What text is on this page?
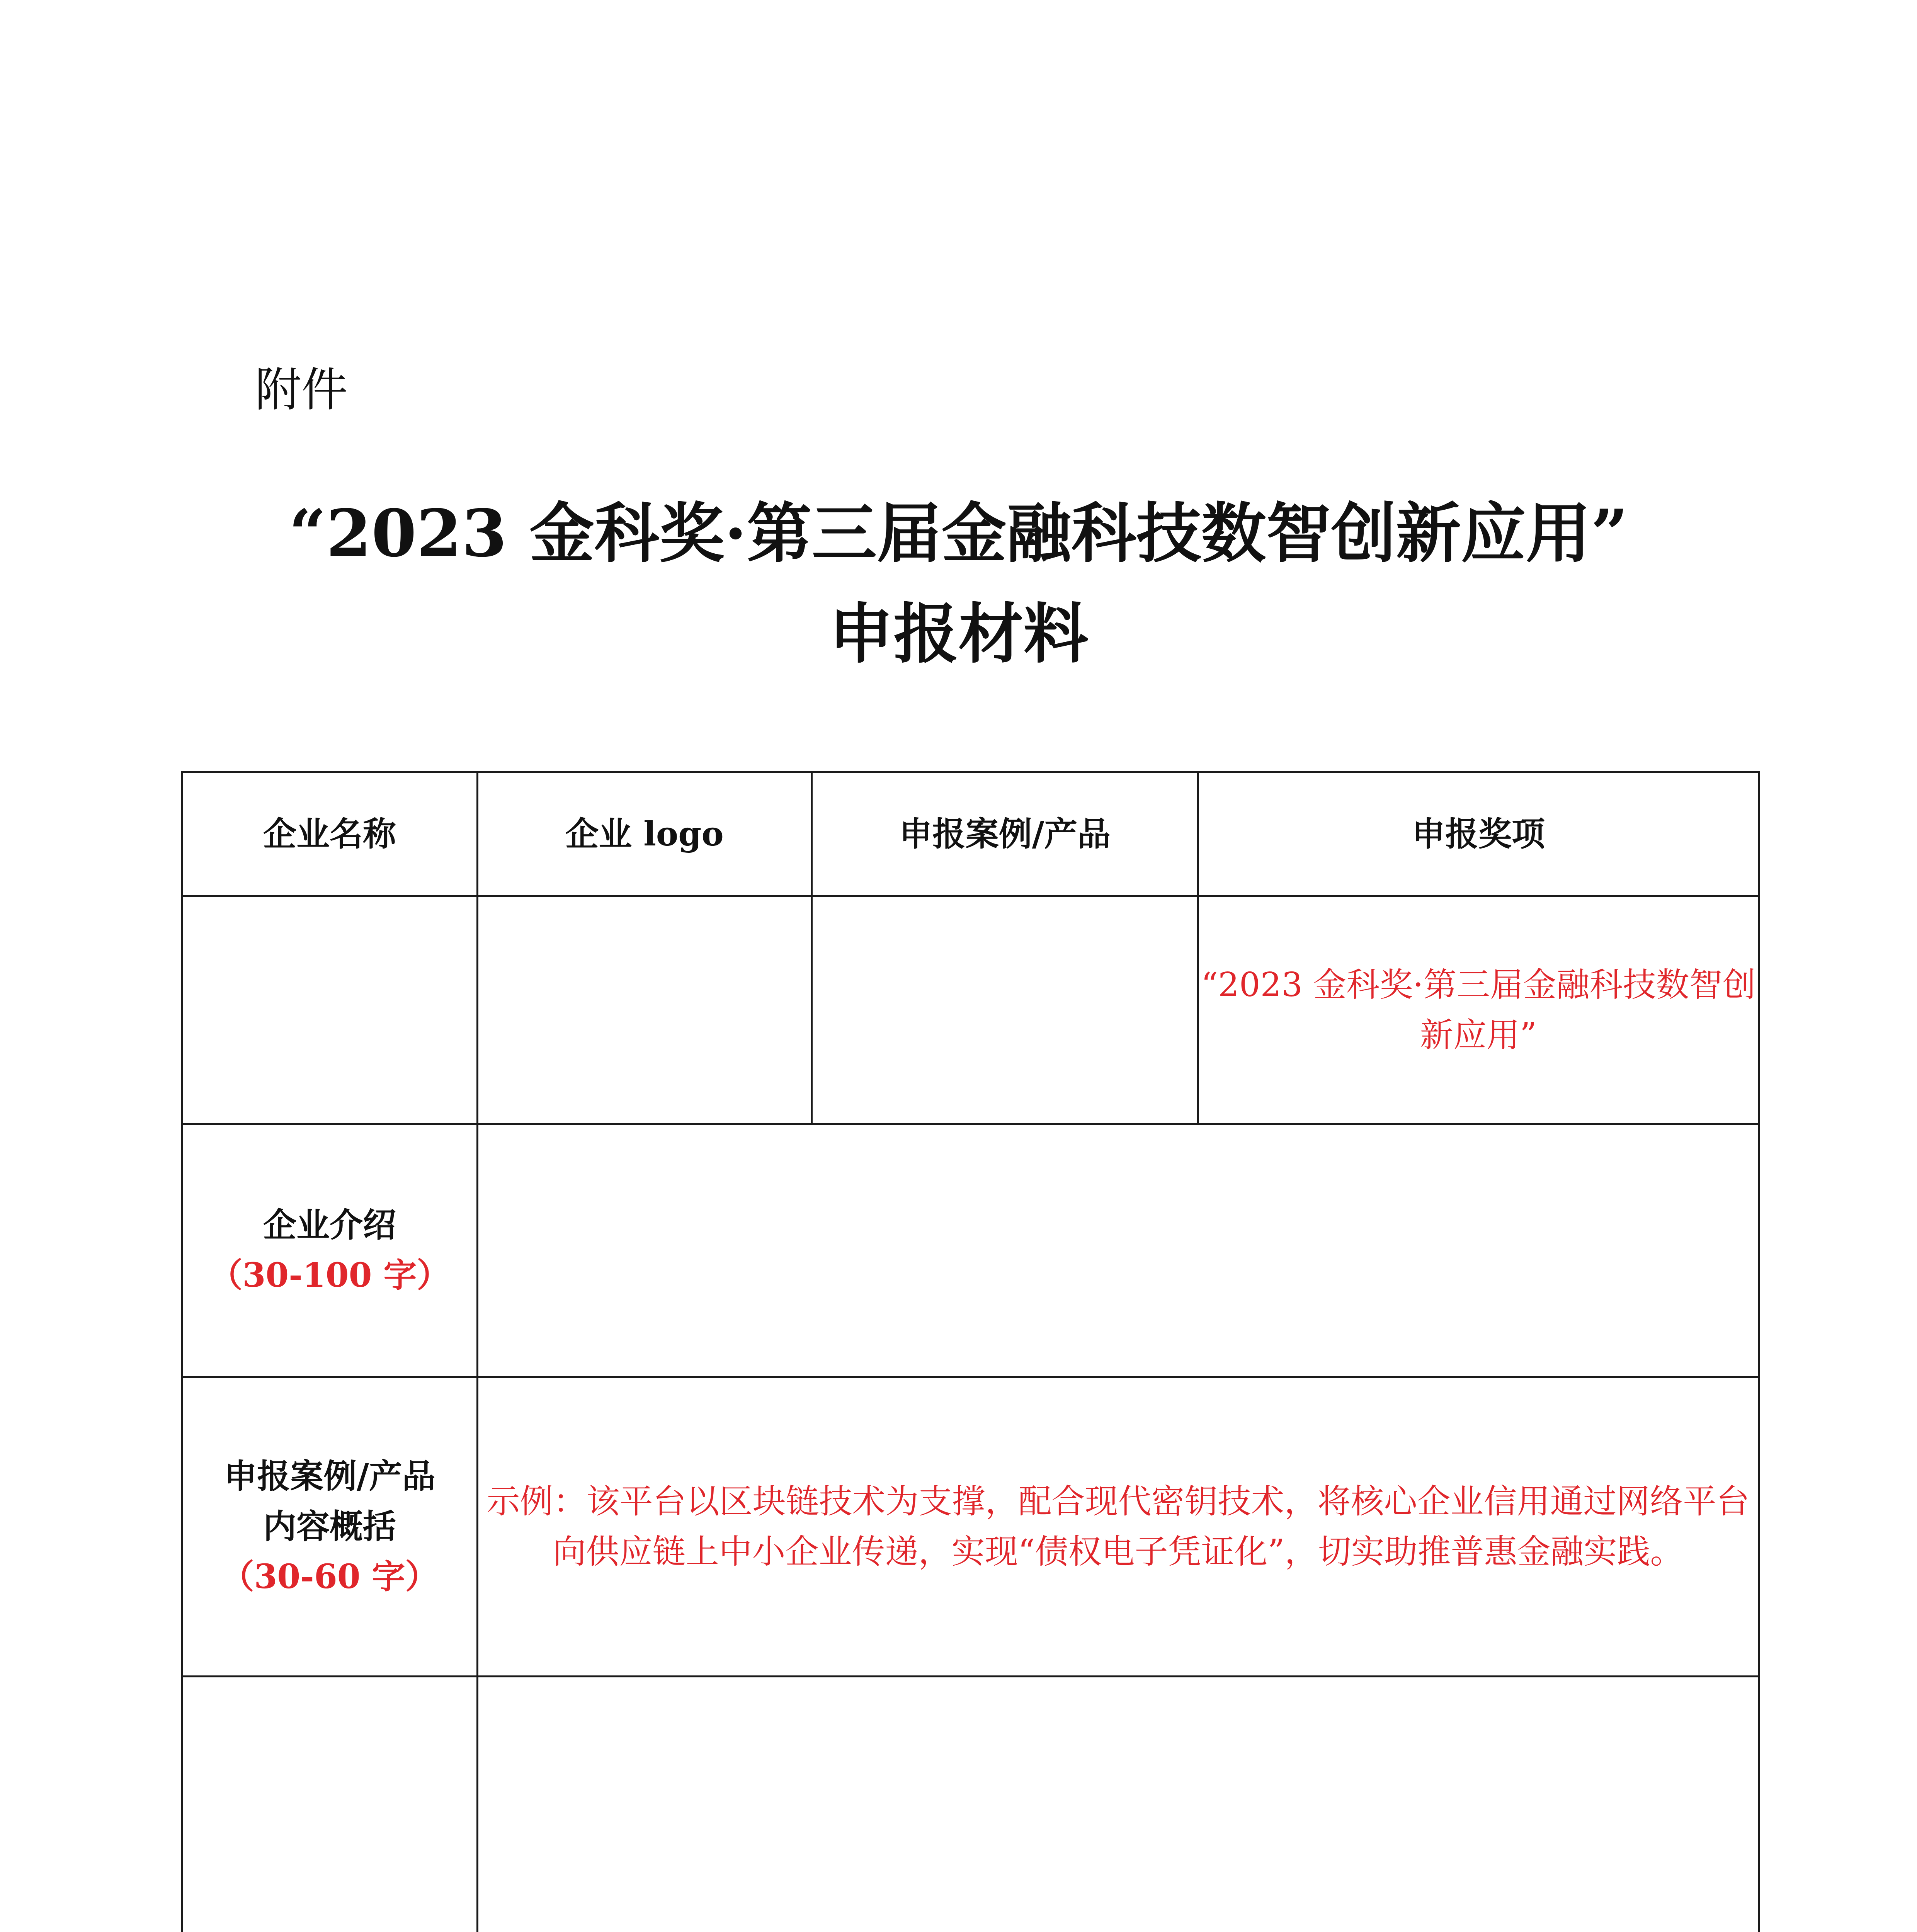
附件
“2023 金科奖·第三届金融科技数智创新应用”
申报材料
企业名称	企业 logo	申报案例/产品	申报奖项
			“2023 金科奖·第三届金融科技数智创新应用”

企业介绍
（30-100 字）			

申报案例/产品
内容概括
（30-60 字）	示例：该平台以区块链技术为支撑，配合现代密钥技术，将核心企业信用通过网络平台向供应链上中小企业传递，实现“债权电子凭证化”，切实助推普惠金融实践。		
